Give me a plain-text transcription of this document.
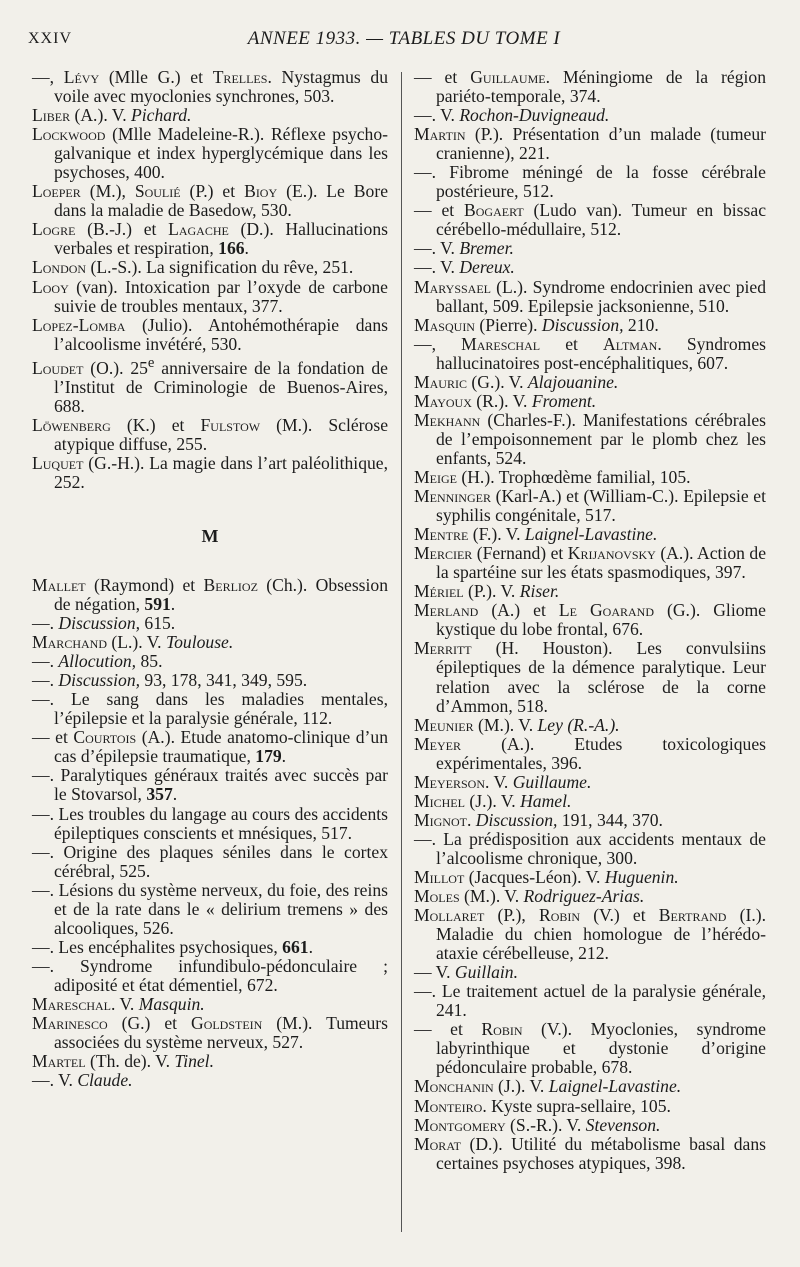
XXIV	ANNEE 1933. — TABLES DU TOME I
—, Lévy (Mlle G.) et Trelles. Nystagmus du voile avec myoclonies synchrones, 503.
Liber (A.). V. Pichard.
Lockwood (Mlle Madeleine-R.). Réflexe psycho-galvanique et index hyperglycémique dans les psychoses, 400.
Loeper (M.), Soulié (P.) et Bioy (E.). Le Bore dans la maladie de Basedow, 530.
Logre (B.-J.) et Lagache (D.). Hallucinations verbales et respiration, 166.
London (L.-S.). La signification du rêve, 251.
Looy (van). Intoxication par l’oxyde de carbone suivie de troubles mentaux, 377.
Lopez-Lomba (Julio). Antohémothérapie dans l’alcoolisme invétéré, 530.
Loudet (O.). 25e anniversaire de la fondation de l’Institut de Criminologie de Buenos-Aires, 688.
Löwenberg (K.) et Fulstow (M.). Sclérose atypique diffuse, 255.
Luquet (G.-H.). La magie dans l’art paléolithique, 252.
M
Mallet (Raymond) et Berlioz (Ch.). Obsession de négation, 591.
—. Discussion, 615.
Marchand (L.). V. Toulouse.
—. Allocution, 85.
—. Discussion, 93, 178, 341, 349, 595.
—. Le sang dans les maladies mentales, l’épilepsie et la paralysie générale, 112.
— et Courtois (A.). Etude anatomo-clinique d’un cas d’épilepsie traumatique, 179.
—. Paralytiques généraux traités avec succès par le Stovarsol, 357.
—. Les troubles du langage au cours des accidents épileptiques conscients et mnésiques, 517.
—. Origine des plaques séniles dans le cortex cérébral, 525.
—. Lésions du système nerveux, du foie, des reins et de la rate dans le « delirium tremens » des alcooliques, 526.
—. Les encéphalites psychosiques, 661.
—. Syndrome infundibulo-pédonculaire ; adiposité et état démentiel, 672.
Mareschal. V. Masquin.
Marinesco (G.) et Goldstein (M.). Tumeurs associées du système nerveux, 527.
Martel (Th. de). V. Tinel.
—. V. Claude.
— et Guillaume. Méningiome de la région pariéto-temporale, 374.
—. V. Rochon-Duvigneaud.
Martin (P.). Présentation d’un malade (tumeur cranienne), 221.
—. Fibrome méningé de la fosse cérébrale postérieure, 512.
— et Bogaert (Ludo van). Tumeur en bissac cérébello-médullaire, 512.
—. V. Bremer.
—. V. Dereux.
Maryssael (L.). Syndrome endocrinien avec pied ballant, 509. Epilepsie jacksonienne, 510.
Masquin (Pierre). Discussion, 210.
—, Mareschal et Altman. Syndromes hallucinatoires post-encéphalitiques, 607.
Mauric (G.). V. Alajouanine.
Mayoux (R.). V. Froment.
Mekhann (Charles-F.). Manifestations cérébrales de l’empoisonnement par le plomb chez les enfants, 524.
Meige (H.). Trophœdème familial, 105.
Menninger (Karl-A.) et (William-C.). Epilepsie et syphilis congénitale, 517.
Mentre (F.). V. Laignel-Lavastine.
Mercier (Fernand) et Krijanovsky (A.). Action de la spartéine sur les états spasmodiques, 397.
Mériel (P.). V. Riser.
Merland (A.) et Le Goarand (G.). Gliome kystique du lobe frontal, 676.
Merritt (H. Houston). Les convulsiins épileptiques de la démence paralytique. Leur relation avec la sclérose de la corne d’Ammon, 518.
Meunier (M.). V. Ley (R.-A.).
Meyer (A.). Etudes toxicologiques expérimentales, 396.
Meyerson. V. Guillaume.
Michel (J.). V. Hamel.
Mignot. Discussion, 191, 344, 370.
—. La prédisposition aux accidents mentaux de l’alcoolisme chronique, 300.
Millot (Jacques-Léon). V. Huguenin.
Moles (M.). V. Rodriguez-Arias.
Mollaret (P.), Robin (V.) et Bertrand (I.). Maladie du chien homologue de l’hérédo-ataxie cérébelleuse, 212.
— V. Guillain.
—. Le traitement actuel de la paralysie générale, 241.
— et Robin (V.). Myoclonies, syndrome labyrinthique et dystonie d’origine pédonculaire probable, 678.
Monchanin (J.). V. Laignel-Lavastine.
Monteiro. Kyste supra-sellaire, 105.
Montgomery (S.-R.). V. Stevenson.
Morat (D.). Utilité du métabolisme basal dans certaines psychoses atypiques, 398.
